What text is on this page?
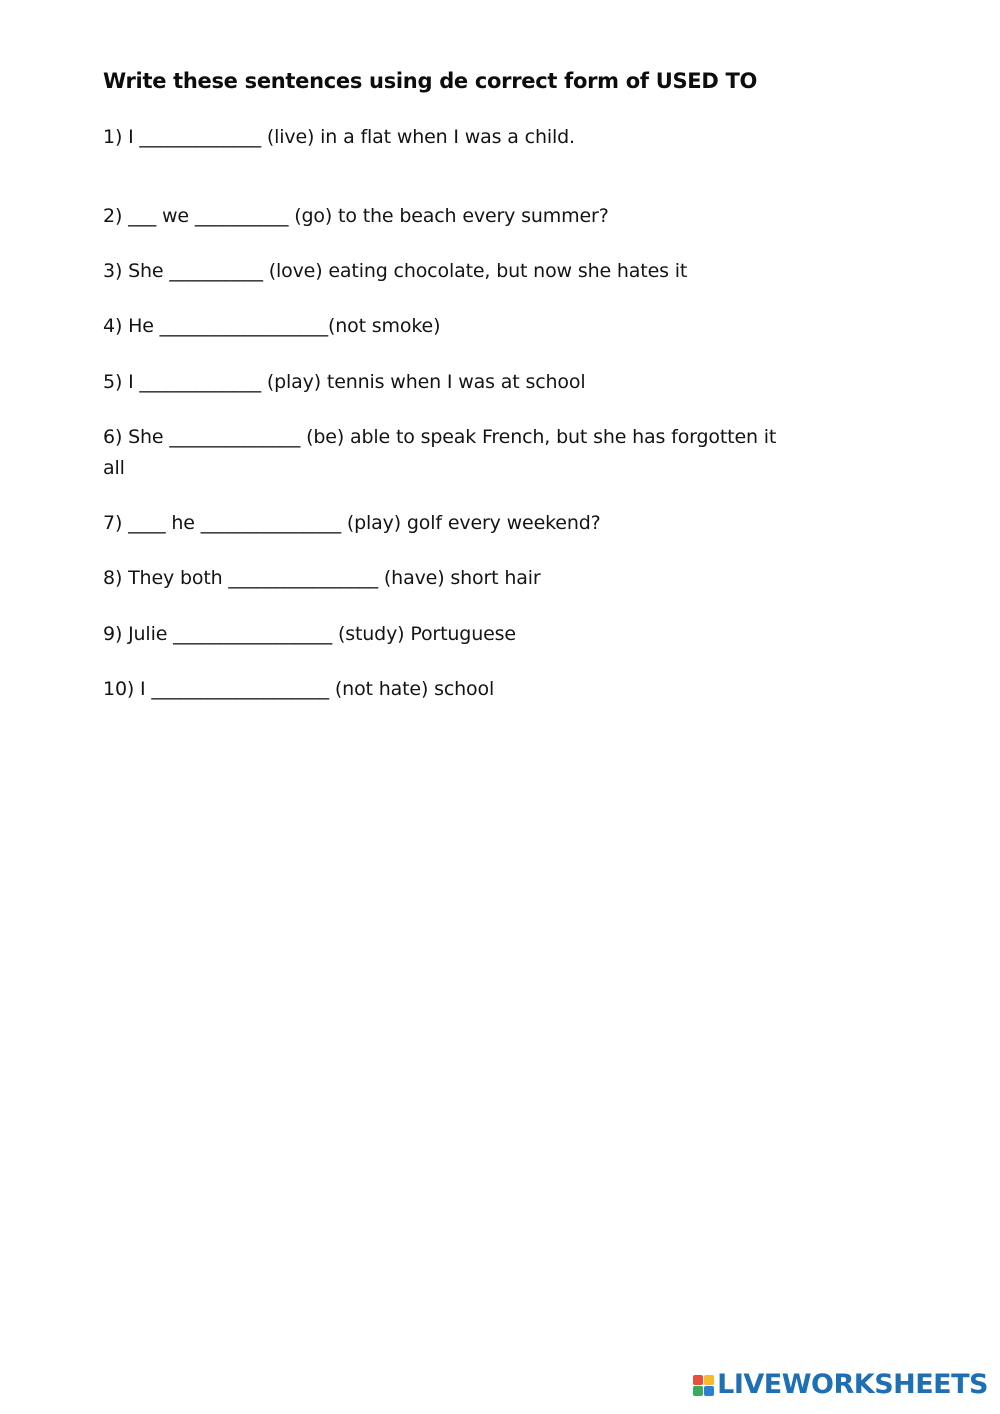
Write these sentences using de correct form of USED TO
1) I _____________ (live) in a flat when I was a child.
2) ___ we __________ (go) to the beach every summer?
3) She __________ (love) eating chocolate, but now she hates it
4) He __________________(not smoke)
5) I _____________ (play) tennis when I was at school
6) She ______________ (be) able to speak French, but she has forgotten it all
7) ____ he _______________ (play) golf every weekend?
8) They both ________________ (have) short hair
9) Julie _________________ (study) Portuguese
10) I ___________________ (not hate) school
LIVEWORKSHEETS
